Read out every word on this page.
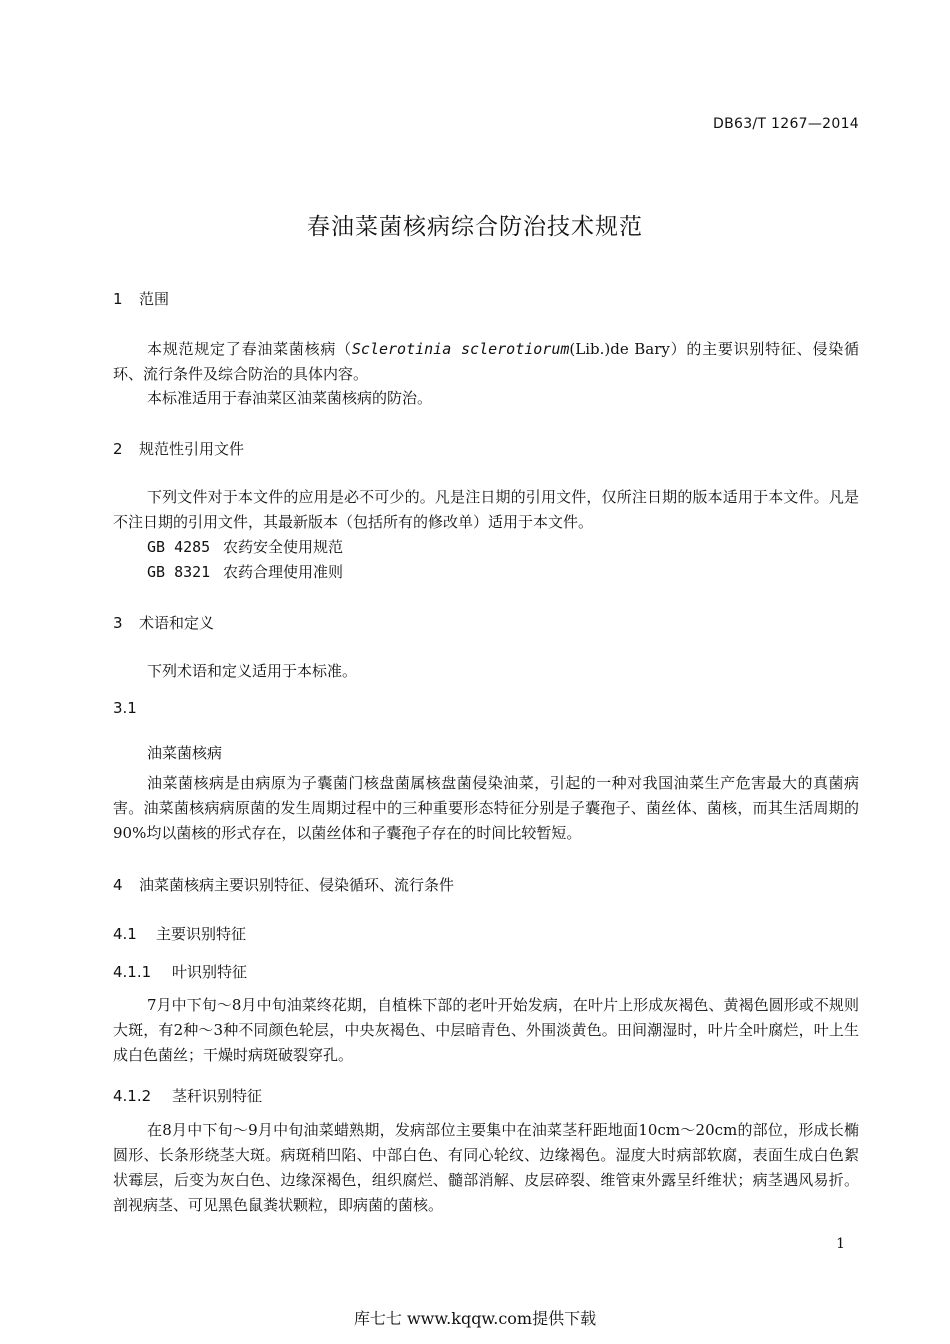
DB63/T 1267—2014
春油菜菌核病综合防治技术规范
1 范围
本规范规定了春油菜菌核病（Sclerotinia sclerotiorum(Lib.)de Bary）的主要识别特征、侵染循环、流行条件及综合防治的具体内容。
本标准适用于春油菜区油菜菌核病的防治。
2 规范性引用文件
下列文件对于本文件的应用是必不可少的。凡是注日期的引用文件，仅所注日期的版本适用于本文件。凡是不注日期的引用文件，其最新版本（包括所有的修改单）适用于本文件。
GB 4285 农药安全使用规范
GB 8321 农药合理使用准则
3 术语和定义
下列术语和定义适用于本标准。
3.1
油菜菌核病
油菜菌核病是由病原为子囊菌门核盘菌属核盘菌侵染油菜，引起的一种对我国油菜生产危害最大的真菌病害。油菜菌核病病原菌的发生周期过程中的三种重要形态特征分别是子囊孢子、菌丝体、菌核，而其生活周期的90%均以菌核的形式存在，以菌丝体和子囊孢子存在的时间比较暂短。
4 油菜菌核病主要识别特征、侵染循环、流行条件
4.1 主要识别特征
4.1.1 叶识别特征
7月中下旬～8月中旬油菜终花期，自植株下部的老叶开始发病，在叶片上形成灰褐色、黄褐色圆形或不规则大斑，有2种～3种不同颜色轮层，中央灰褐色、中层暗青色、外围淡黄色。田间潮湿时，叶片全叶腐烂，叶上生成白色菌丝；干燥时病斑破裂穿孔。
4.1.2 茎秆识别特征
在8月中下旬～9月中旬油菜蜡熟期，发病部位主要集中在油菜茎秆距地面10cm～20cm的部位，形成长椭圆形、长条形绕茎大斑。病斑稍凹陷、中部白色、有同心轮纹、边缘褐色。湿度大时病部软腐，表面生成白色絮状霉层，后变为灰白色、边缘深褐色，组织腐烂、髓部消解、皮层碎裂、维管束外露呈纤维状；病茎遇风易折。剖视病茎、可见黑色鼠粪状颗粒，即病菌的菌核。
1
库七七 www.kqqw.com提供下载
